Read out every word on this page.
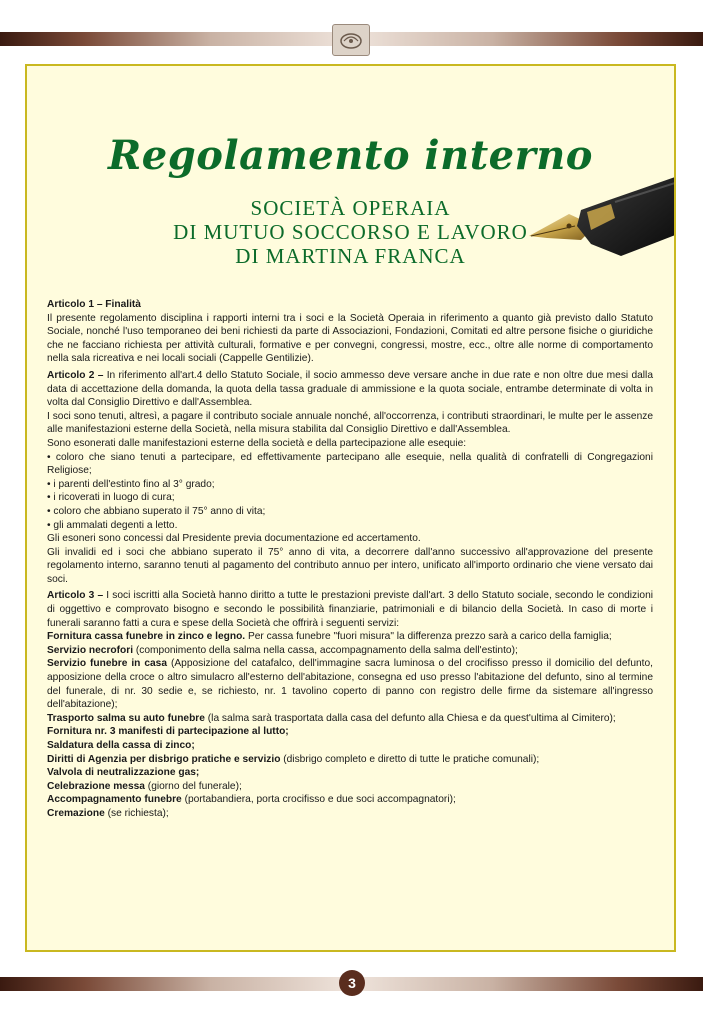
Regolamento interno
SOCIETÀ OPERAIA
DI MUTUO SOCCORSO E LAVORO
DI MARTINA FRANCA

Articolo 1 – Finalità
Il presente regolamento disciplina i rapporti interni tra i soci e la Società Operaia in riferimento a quanto già previsto dallo Statuto Sociale, nonché l'uso temporaneo dei beni richiesti da parte di Associazioni, Fondazioni, Comitati ed altre persone fisiche o giuridiche che ne facciano richiesta per attività culturali, formative e per convegni, congressi, mostre, ecc., oltre alle norme di comportamento nella sala ricreativa e nei locali sociali (Cappelle Gentilizie).

Articolo 2 – In riferimento all'art.4 dello Statuto Sociale, il socio ammesso deve versare anche in due rate e non oltre due mesi dalla data di accettazione della domanda, la quota della tassa graduale di ammissione e la quota sociale, entrambe determinate di volta in volta dal Consiglio Direttivo e dall'Assemblea.
I soci sono tenuti, altresì, a pagare il contributo sociale annuale nonché, all'occorrenza, i contributi straordinari, le multe per le assenze alle manifestazioni esterne della Società, nella misura stabilita dal Consiglio Direttivo e dall'Assemblea.
Sono esonerati dalle manifestazioni esterne della società e della partecipazione alle esequie:
• coloro che siano tenuti a partecipare, ed effettivamente partecipano alle esequie, nella qualità di confratelli di Congregazioni Religiose;
• i parenti dell'estinto fino al 3° grado;
• i ricoverati in luogo di cura;
• coloro che abbiano superato il 75° anno di vita;
• gli ammalati degenti a letto.
Gli esoneri sono concessi dal Presidente previa documentazione ed accertamento.
Gli invalidi ed i soci che abbiano superato il 75° anno di vita, a decorrere dall'anno successivo all'approvazione del presente regolamento interno, saranno tenuti al pagamento del contributo annuo per intero, unificato all'importo ordinario che viene versato dai soci.

Articolo 3 – I soci iscritti alla Società hanno diritto a tutte le prestazioni previste dall'art. 3 dello Statuto sociale, secondo le condizioni di oggettivo e comprovato bisogno e secondo le possibilità finanziarie, patrimoniali e di bilancio della Società. In caso di morte i funerali saranno fatti a cura e spese della Società che offrirà i seguenti servizi:
Fornitura cassa funebre in zinco e legno. Per cassa funebre "fuori misura" la differenza prezzo sarà a carico della famiglia;
Servizio necrofori (componimento della salma nella cassa, accompagnamento della salma dell'estinto);
Servizio funebre in casa (Apposizione del catafalco, dell'immagine sacra luminosa o del crocifisso presso il domicilio del defunto, apposizione della croce o altro simulacro all'esterno dell'abitazione, consegna ed uso presso l'abitazione del defunto, sino al termine del funerale, di nr. 30 sedie e, se richiesto, nr. 1 tavolino coperto di panno con registro delle firme da sistemare all'ingresso dell'abitazione);
Trasporto salma su auto funebre (la salma sarà trasportata dalla casa del defunto alla Chiesa e da quest'ultima al Cimitero);
Fornitura nr. 3 manifesti di partecipazione al lutto;
Saldatura della cassa di zinco;
Diritti di Agenzia per disbrigo pratiche e servizio (disbrigo completo e diretto di tutte le pratiche comunali);
Valvola di neutralizzazione gas;
Celebrazione messa (giorno del funerale);
Accompagnamento funebre (portabandiera, porta crocifisso e due soci accompagnatori);
Cremazione (se richiesta);

3
